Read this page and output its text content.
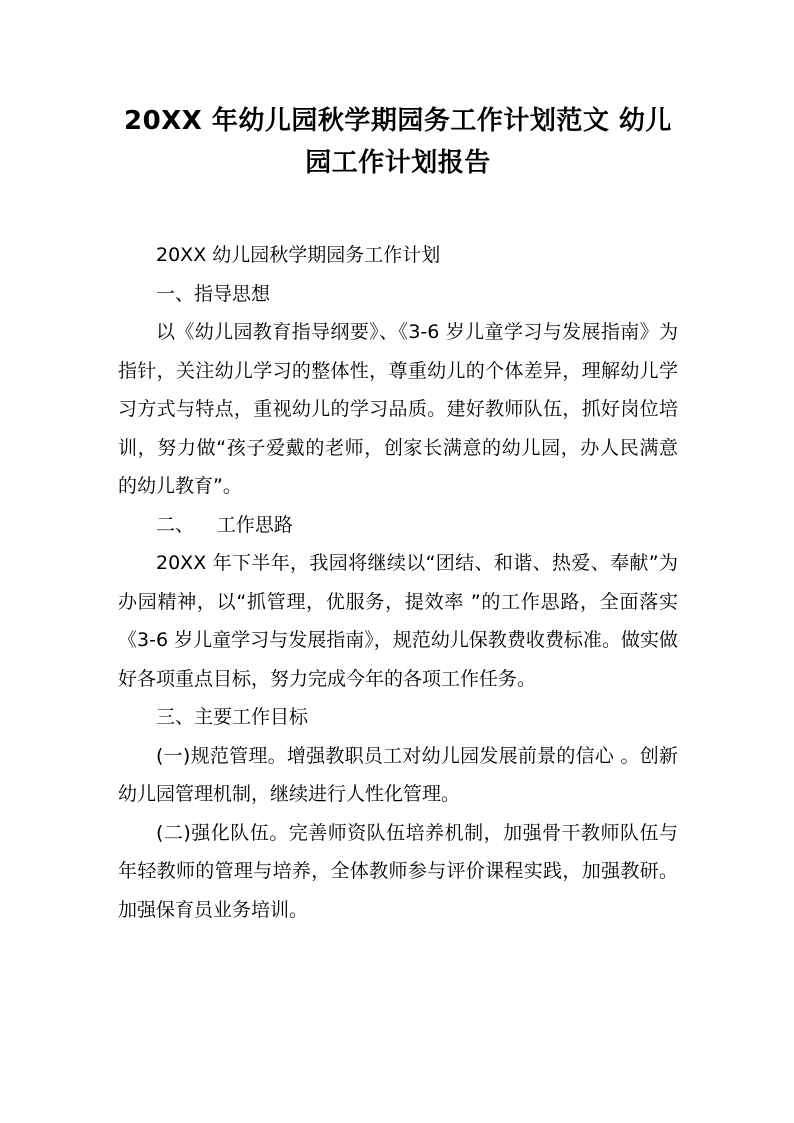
20XX 年幼儿园秋学期园务工作计划范文 幼儿园工作计划报告

20XX 幼儿园秋学期园务工作计划

一、指导思想

以《幼儿园教育指导纲要》、《3-6 岁儿童学习与发展指南》为指针，关注幼儿学习的整体性，尊重幼儿的个体差异，理解幼儿学习方式与特点，重视幼儿的学习品质。建好教师队伍，抓好岗位培训，努力做“孩子爱戴的老师，创家长满意的幼儿园，办人民满意的幼儿教育”。

二、 工作思路

20XX 年下半年，我园将继续以“团结、和谐、热爱、奉献”为办园精神，以“抓管理，优服务，提效率 ”的工作思路，全面落实《3-6 岁儿童学习与发展指南》，规范幼儿保教费收费标准。做实做好各项重点目标，努力完成今年的各项工作任务。

三、主要工作目标

(一)规范管理。增强教职员工对幼儿园发展前景的信心 。创新幼儿园管理机制，继续进行人性化管理。

(二)强化队伍。完善师资队伍培养机制，加强骨干教师队伍与年轻教师的管理与培养，全体教师参与评价课程实践，加强教研。加强保育员业务培训。
